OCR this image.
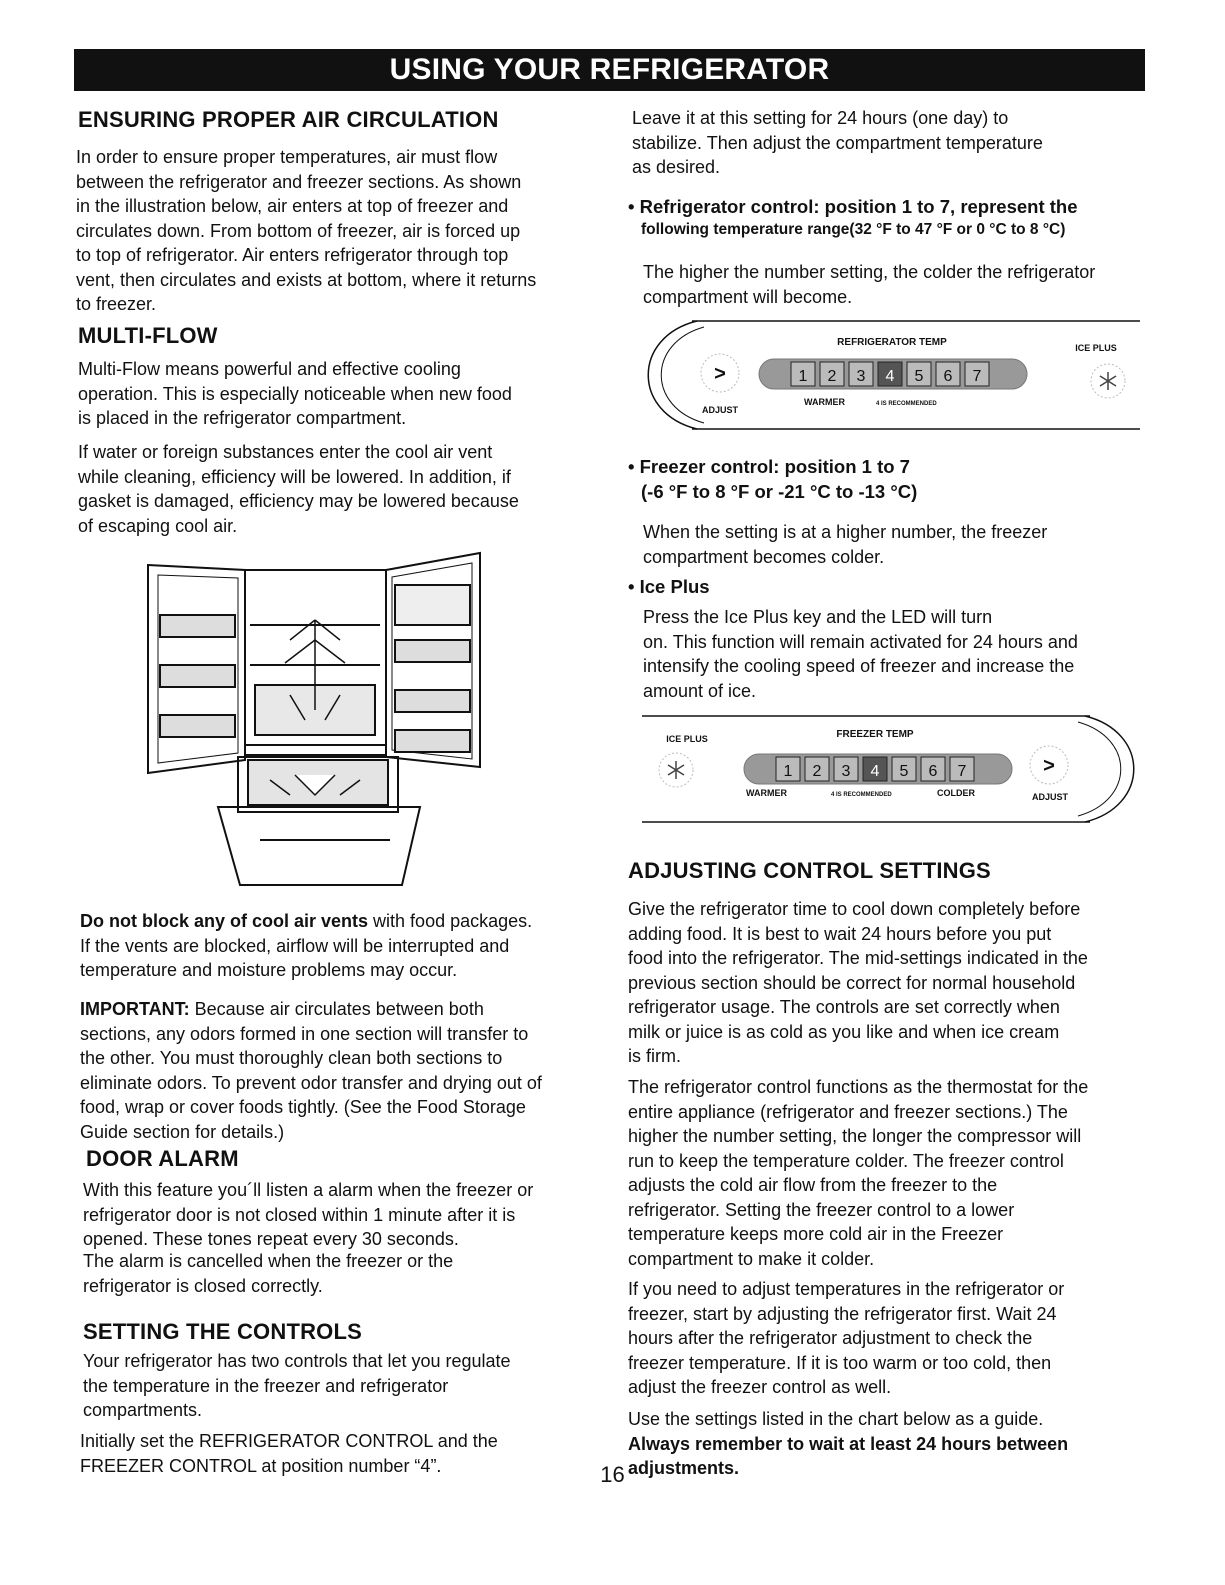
USING YOUR REFRIGERATOR
ENSURING PROPER AIR CIRCULATION

In order to ensure proper temperatures, air must flow

between the refrigerator and freezer sections. As shown

in the illustration below, air enters at top of freezer and

circulates down. From bottom of freezer, air is forced up

to top of refrigerator. Air enters refrigerator through top

vent, then circulates and exists at bottom, where it returns

to freezer.

MULTI-FLOW

Multi-Flow means powerful and effective cooling

operation. This is especially noticeable when new food

is placed in the refrigerator compartment.

If water or foreign substances enter the cool air vent

while cleaning, efficiency will be lowered. In addition, if

gasket is damaged, efficiency may be lowered because

of escaping cool air.

Do not block any of cool air vents with food packages.

If the vents are blocked, airflow will be interrupted and

temperature and moisture problems may occur.

IMPORTANT: Because air circulates between both

sections, any odors formed in one section will transfer to

the other. You must thoroughly clean both sections to

eliminate odors. To prevent odor transfer and drying out of

food, wrap or cover foods tightly. (See the Food Storage

Guide section for details.)

DOOR ALARM

With this feature you´ll listen a alarm when the freezer or

refrigerator door is not closed within 1 minute after it is

opened. These tones repeat every 30 seconds.

The alarm is cancelled when the freezer or the

refrigerator is closed correctly.

SETTING THE CONTROLS

Your refrigerator has two controls that let you regulate

the temperature in the freezer and refrigerator

compartments.

Initially set the REFRIGERATOR CONTROL and the

FREEZER CONTROL at position number “4”.

Leave it at this setting for 24 hours (one day) to

stabilize. Then adjust the compartment temperature

as desired.

• Refrigerator control: position 1 to 7, represent the
following temperature range(32 °F to 47 °F or 0 °C to 8 °C)

The higher the number setting, the colder the refrigerator

compartment will become.

REFRIGERATOR TEMP	ICE PLUS
>
ADJUST
1 2 3 4 5 6 7
WARMER	4 IS RECOMMENDED
• Freezer control: position 1 to 7
(-6 °F to 8 °F or -21 °C to -13 °C)

When the setting is at a higher number, the freezer

compartment becomes colder.

• Ice Plus

Press the Ice Plus key and the LED will turn

on. This function will remain activated for 24 hours and

intensify the cooling speed of freezer and increase the

amount of ice.

FREEZER TEMP
ICE PLUS
1 2 3 4 5 6 7
WARMER	4 IS RECOMMENDED	COLDER
>
ADJUST
ADJUSTING CONTROL SETTINGS

Give the refrigerator time to cool down completely before

adding food. It is best to wait 24 hours before you put

food into the refrigerator. The mid-settings indicated in the

previous section should be correct for normal household

refrigerator usage. The controls are set correctly when

milk or juice is as cold as you like and when ice cream

is firm.

The refrigerator control functions as the thermostat for the

entire appliance (refrigerator and freezer sections.) The

higher the number setting, the longer the compressor will

run to keep the temperature colder. The freezer control

adjusts the cold air flow from the freezer to the

refrigerator. Setting the freezer control to a lower

temperature keeps more cold air in the Freezer

compartment to make it colder.

If you need to adjust temperatures in the refrigerator or

freezer, start by adjusting the refrigerator first. Wait 24

hours after the refrigerator adjustment to check the

freezer temperature. If it is too warm or too cold, then

adjust the freezer control as well.

Use the settings listed in the chart below as a guide.

Always remember to wait at least 24 hours between

adjustments.

16
